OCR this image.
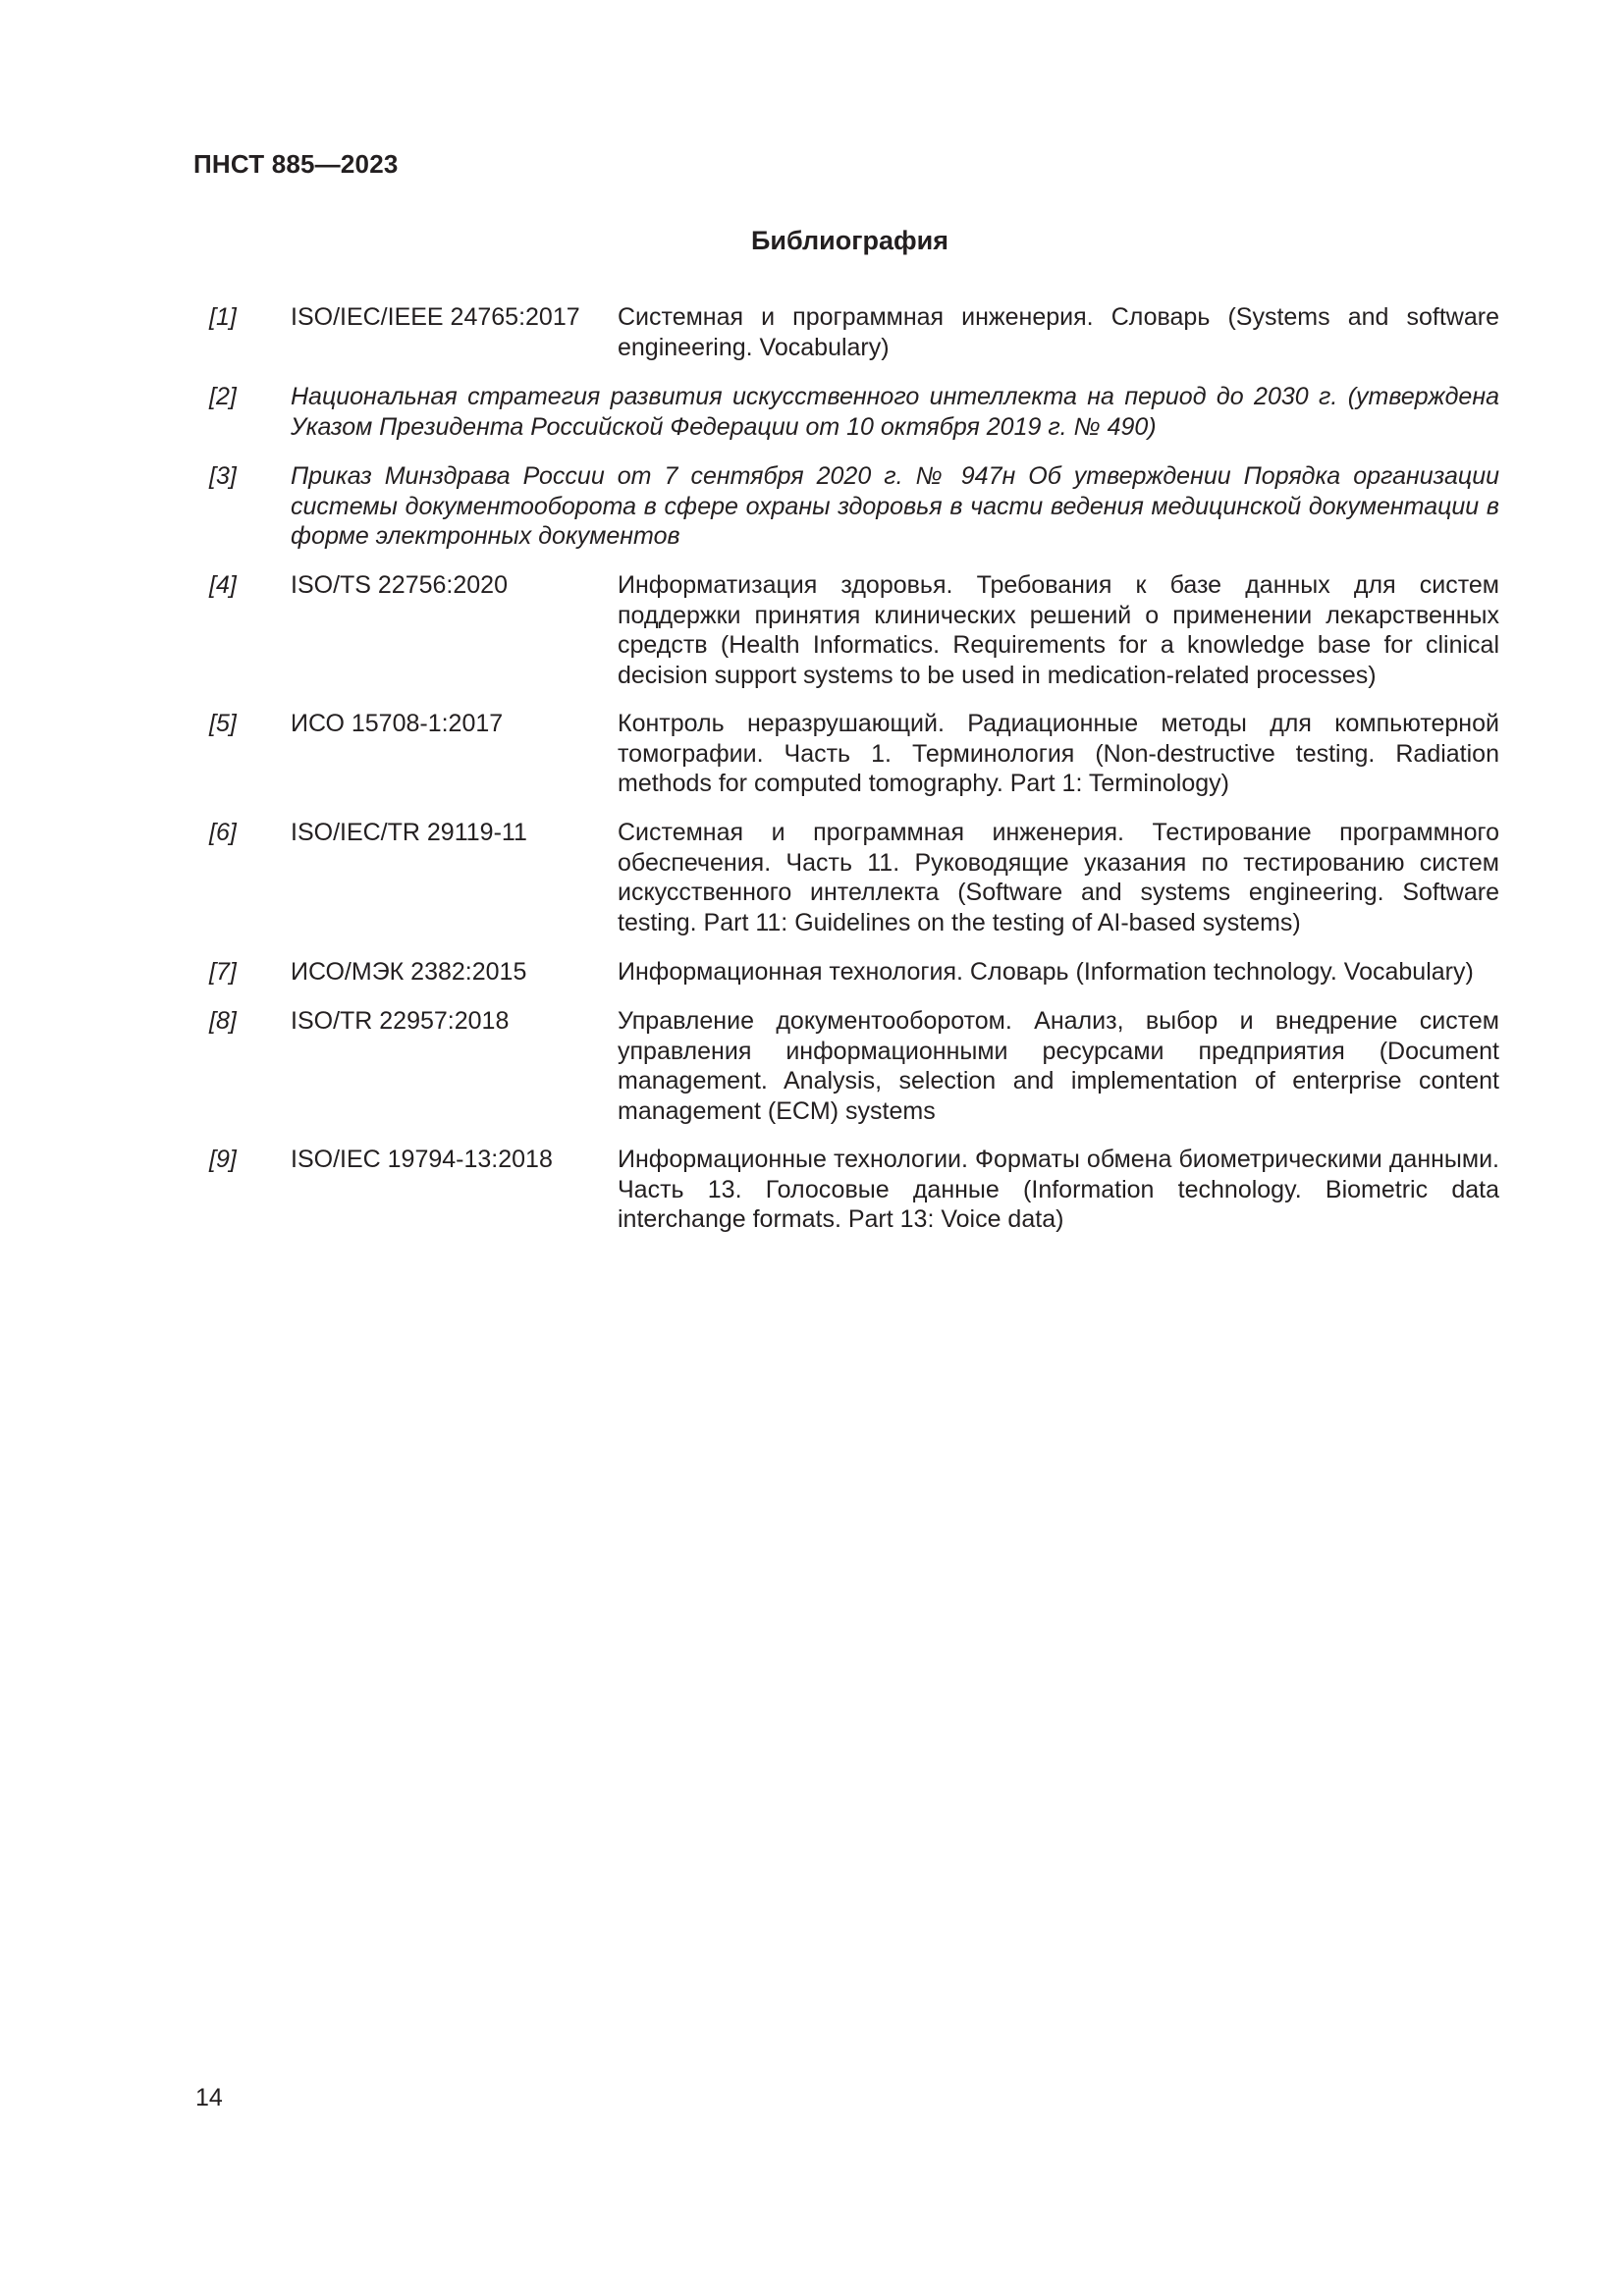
ПНСТ 885—2023
Библиография
[1] ISO/IEC/IEEE 24765:2017 Системная и программная инженерия. Словарь (Systems and software engineering. Vocabulary)
[2] Национальная стратегия развития искусственного интеллекта на период до 2030 г. (утверждена Указом Президента Российской Федерации от 10 октября 2019 г. № 490)
[3] Приказ Минздрава России от 7 сентября 2020 г. № 947н Об утверждении Порядка организации системы документооборота в сфере охраны здоровья в части ведения медицинской документации в форме электронных документов
[4] ISO/TS 22756:2020	Информатизация здоровья. Требования к базе данных для систем поддержки принятия клинических решений о применении лекарственных средств (Health Informatics. Requirements for a knowledge base for clinical decision support systems to be used in medication-related processes)
[5] ИСО 15708-1:2017	Контроль неразрушающий. Радиационные методы для компьютерной томографии. Часть 1. Терминология (Non-destructive testing. Radiation methods for computed tomography. Part 1: Terminology)
[6] ISO/IEC/TR 29119-11	Системная и программная инженерия. Тестирование программного обеспечения. Часть 11. Руководящие указания по тестированию систем искусственного интеллекта (Software and systems engineering. Software testing. Part 11: Guidelines on the testing of AI-based systems)
[7] ИСО/МЭК 2382:2015	Информационная технология. Словарь (Information technology. Vocabulary)
[8] ISO/TR 22957:2018	Управление документооборотом. Анализ, выбор и внедрение систем управления информационными ресурсами предприятия (Document management. Analysis, selection and implementation of enterprise content management (ECM) systems
[9] ISO/IEC 19794-13:2018	Информационные технологии. Форматы обмена биометрическими данными. Часть 13. Голосовые данные (Information technology. Biometric data interchange formats. Part 13: Voice data)
14
